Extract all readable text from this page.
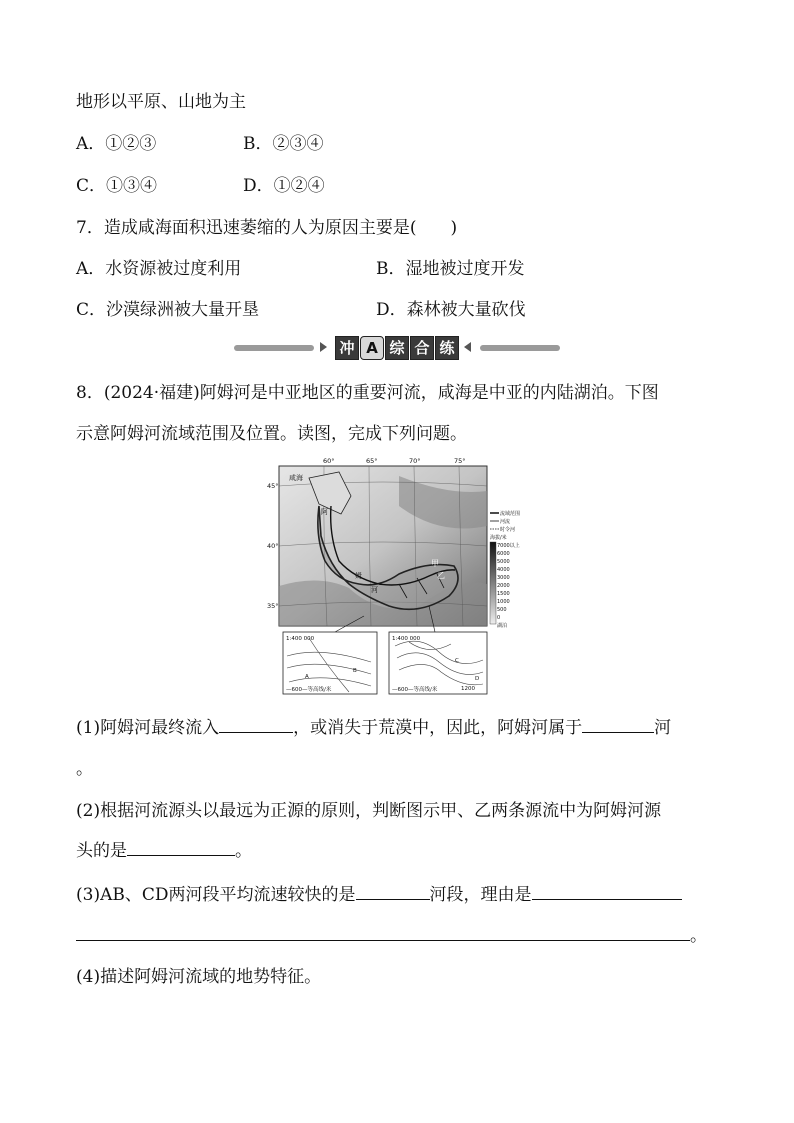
地形以平原、山地为主
A．①②③	B．②③④
C．①③④	D．①②④
7．造成咸海面积迅速萎缩的人为原因主要是(　　)
A．水资源被过度利用	B．湿地被过度开发
C．沙漠绿洲被大量开垦	D．森林被大量砍伐
冲 A 综 合 练
8．(2024·福建)阿姆河是中亚地区的重要河流，咸海是中亚的内陆湖泊。下图
示意阿姆河流域范围及位置。读图，完成下列问题。
60°	65°	70°	75°
45°
40°
35°
咸海
阿
姆
河
甲
乙
流域范围
河流
时令河
海拔/米
7000以上
6000
5000
4000
3000
2000
1500
1000
500
0
湖泊
1:400 000
A
B
—600—等高线/米
1:400 000
C
D
1200
—600—等高线/米
(1)阿姆河最终流入	，或消失于荒漠中，因此，阿姆河属于	河
。
(2)根据河流源头以最远为正源的原则，判断图示甲、乙两条源流中为阿姆河源
头的是	。
(3)AB、CD两河段平均流速较快的是	河段，理由是
。
(4)描述阿姆河流域的地势特征。
